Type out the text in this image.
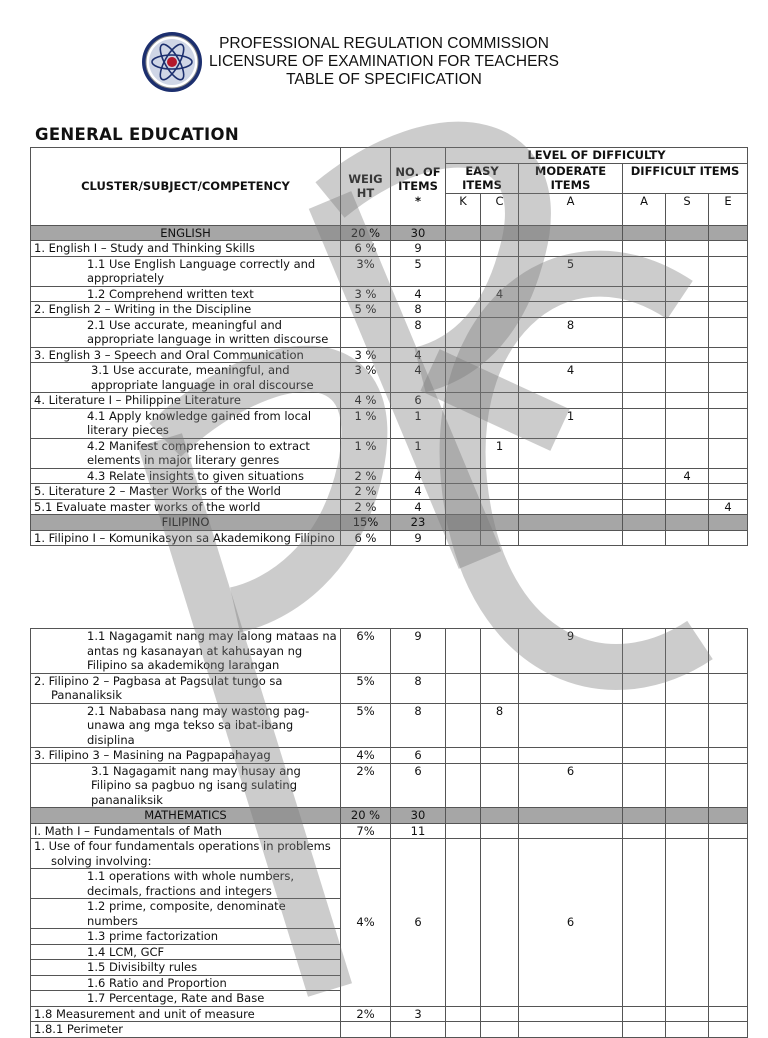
PROFESSIONAL REGULATION COMMISSION
LICENSURE OF EXAMINATION FOR TEACHERS
TABLE OF SPECIFICATION
GENERAL EDUCATION
CLUSTER/SUBJECT/COMPETENCY	WEIG HT	NO. OF ITEMS *	LEVEL OF DIFFICULTY					
			EASY ITEMS		MODERATE ITEMS	DIFFICULT ITEMS		
			K	C	A	A	S	E
ENGLISH	20 %	30						
1. English I – Study and Thinking Skills	6 %	9						
1.1 Use English Language correctly and appropriately	3%	5			5			
1.2 Comprehend written text	3 %	4		4				
2. English 2 – Writing in the Discipline	5 %	8						
2.1 Use accurate, meaningful and appropriate language in written discourse		8			8			
3. English 3 – Speech and Oral Communication	3 %	4						
3.1 Use accurate, meaningful, and appropriate language in oral discourse	3 %	4			4			
4. Literature I – Philippine Literature	4 %	6						
4.1 Apply knowledge gained from local literary pieces	1 %	1			1			
4.2 Manifest comprehension to extract elements in major literary genres	1 %	1		1				
4.3 Relate insights to given situations	2 %	4					4	
5. Literature 2 – Master Works of the World	2 %	4						
5.1 Evaluate master works of the world	2 %	4						4
FILIPINO	15%	23						
1. Filipino I – Komunikasyon sa Akademikong Filipino	6 %	9						
1.1 Nagagamit nang may lalong mataas na antas ng kasanayan at kahusayan ng Filipino sa akademikong larangan	6%	9			9			
2. Filipino 2 – Pagbasa at Pagsulat tungo sa Pananaliksik	5%	8						
2.1 Nababasa nang may wastong pag-unawa ang mga tekso sa ibat-ibang disiplina	5%	8		8				
3. Filipino 3 – Masining na Pagpapahayag	4%	6						
3.1 Nagagamit nang may husay ang Filipino sa pagbuo ng isang sulating pananaliksik	2%	6			6			
MATHEMATICS	20 %	30						
I. Math I – Fundamentals of Math	7%	11						
1. Use of four fundamentals operations in problems solving involving:	4%	6			6			
1.1 operations with whole numbers, decimals, fractions and integers								
1.2 prime, composite, denominate numbers								
1.3 prime factorization								
1.4 LCM, GCF								
1.5 Divisibilty rules								
1.6 Ratio and Proportion								
1.7 Percentage, Rate and Base								
1.8 Measurement and unit of measure	2%	3						
1.8.1 Perimeter								
